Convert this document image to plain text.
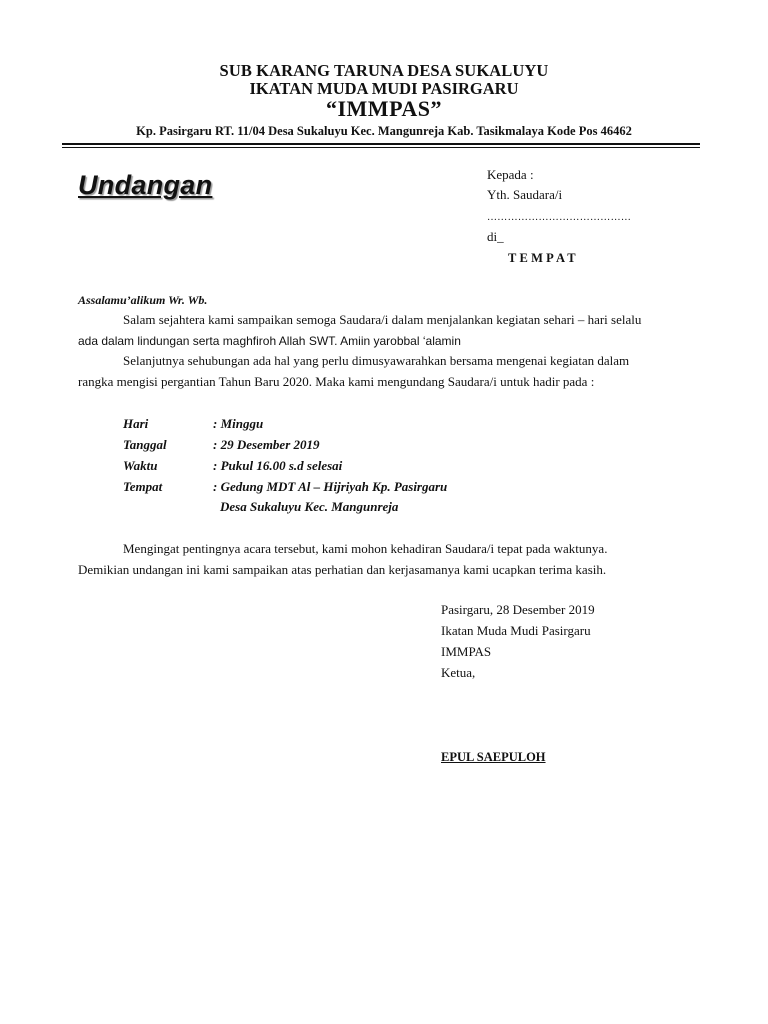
SUB KARANG TARUNA DESA SUKALUYU
IKATAN MUDA MUDI PASIRGARU
“IMMPAS”
Kp. Pasirgaru RT. 11/04 Desa Sukaluyu Kec. Mangunreja Kab. Tasikmalaya Kode Pos 46462
Undangan	Kepada :
Yth. Saudara/i
……………………………………
di_
TEMPAT
Assalamu’alikum Wr. Wb.
Salam sejahtera kami sampaikan semoga Saudara/i dalam menjalankan kegiatan sehari – hari selalu
ada dalam lindungan serta maghfiroh Allah SWT. Amiin yarobbal ‘alamin
Selanjutnya sehubungan ada hal yang perlu dimusyawarahkan bersama mengenai kegiatan dalam
rangka mengisi pergantian Tahun Baru 2020. Maka kami mengundang Saudara/i untuk hadir pada :
Hari	: Minggu
Tanggal	: 29 Desember 2019
Waktu	: Pukul 16.00 s.d selesai
Tempat	: Gedung MDT Al – Hijriyah Kp. Pasirgaru
Desa Sukaluyu Kec. Mangunreja
Mengingat pentingnya acara tersebut, kami mohon kehadiran Saudara/i tepat pada waktunya.
Demikian undangan ini kami sampaikan atas perhatian dan kerjasamanya kami ucapkan terima kasih.
Pasirgaru, 28 Desember 2019
Ikatan Muda Mudi Pasirgaru
IMMPAS
Ketua,
EPUL SAEPULOH
